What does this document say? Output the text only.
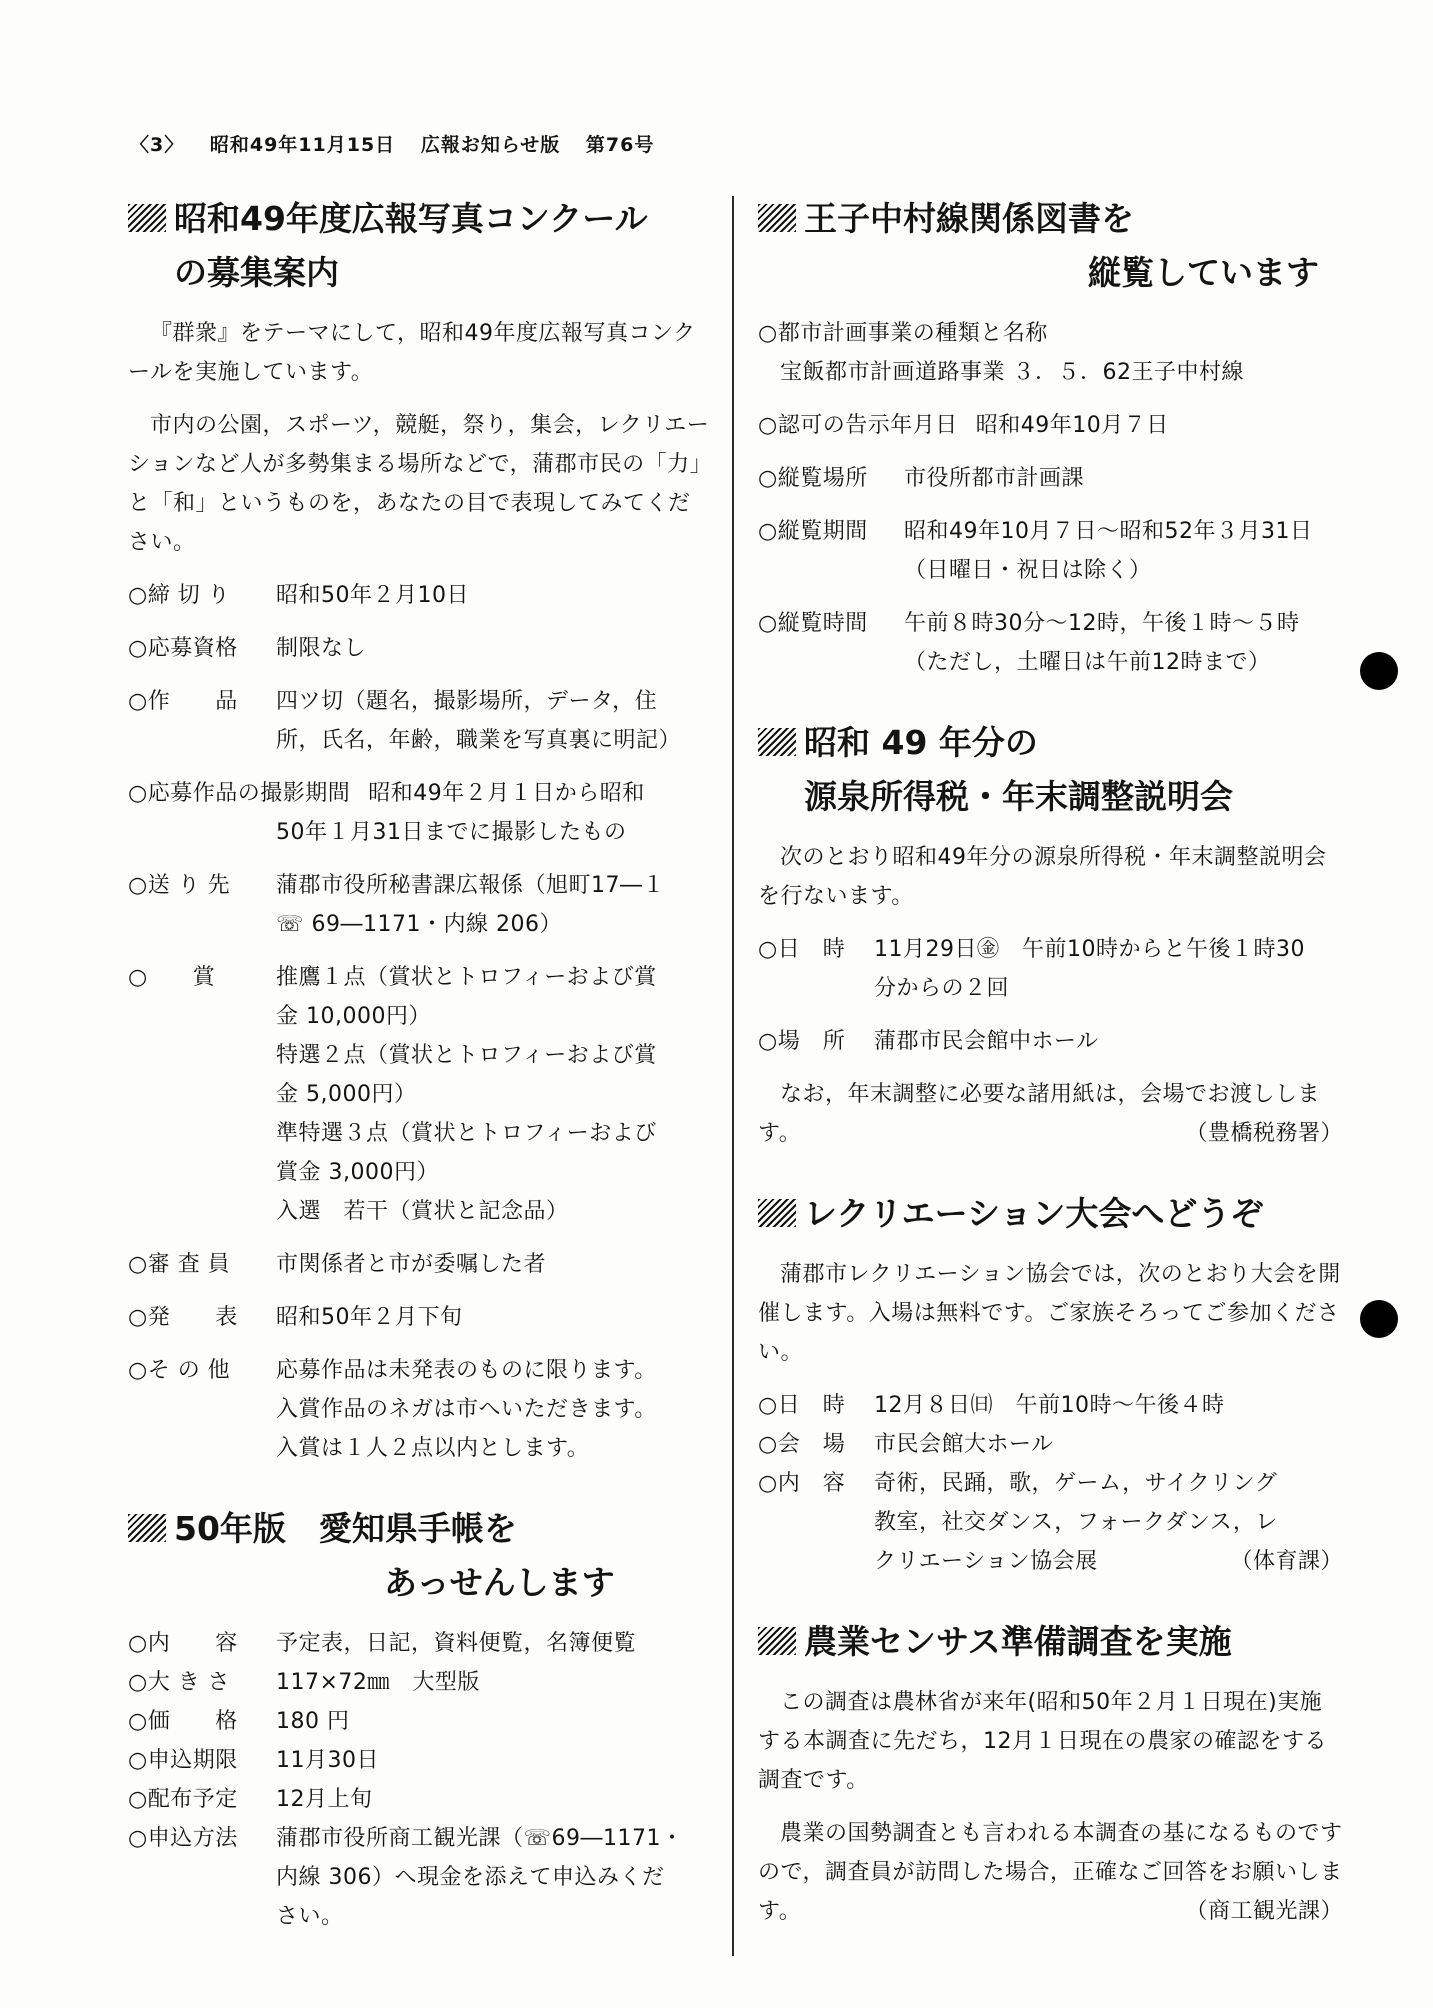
〈3〉 昭和49年11月15日 広報お知らせ版 第76号
昭和49年度広報写真コンクール
の募集案内

『群衆』をテーマにして，昭和49年度広報写真コンクールを実施しています。

市内の公園，スポーツ，競艇，祭り，集会，レクリエーションなど人が多勢集まる場所などで，蒲郡市民の「力」と「和」というものを，あなたの目で表現してみてください。

○締 切 り	昭和50年２月10日
○応募資格	制限なし
○作　　品	四ツ切（題名，撮影場所，データ，住
所，氏名，年齢，職業を写真裏に明記）
○応募作品の撮影期間 昭和49年２月１日から昭和
50年１月31日までに撮影したもの
○送 り 先	蒲郡市役所秘書課広報係（旭町17―１
☏ 69―1171・内線 206）
○　　賞	推鷹１点（賞状とトロフィーおよび賞
金 10,000円）
特選２点（賞状とトロフィーおよび賞
金 5,000円）
準特選３点（賞状とトロフィーおよび
賞金 3,000円）
入選　若干（賞状と記念品）
○審 査 員	市関係者と市が委嘱した者
○発　　表	昭和50年２月下旬
○そ の 他	応募作品は未発表のものに限ります。
入賞作品のネガは市へいただきます。
入賞は１人２点以内とします。
50年版　愛知県手帳を
あっせんします
○内　　容	予定表，日記，資料便覧，名簿便覧
○大 き さ	117×72㎜　大型版
○価　　格	180 円
○申込期限	11月30日
○配布予定	12月上旬
○申込方法	蒲郡市役所商工観光課（☏69―1171・
内線 306）へ現金を添えて申込みくだ
さい。
王子中村線関係図書を
縦覧しています
○都市計画事業の種類と名称
宝飯都市計画道路事業 ３．５．62王子中村線
○認可の告示年月日 昭和49年10月７日
○縦覧場所	市役所都市計画課
○縦覧期間	昭和49年10月７日～昭和52年３月31日
（日曜日・祝日は除く）
○縦覧時間	午前８時30分～12時，午後１時～５時
（ただし，土曜日は午前12時まで）
昭和 49 年分の
源泉所得税・年末調整説明会

次のとおり昭和49年分の源泉所得税・年末調整説明会を行ないます。

○日　時	11月29日㊎　午前10時からと午後１時30
分からの２回
○場　所	蒲郡市民会館中ホール

なお，年末調整に必要な諸用紙は，会場でお渡しします。	（豊橋税務署）

レクリエーション大会へどうぞ

蒲郡市レクリエーション協会では，次のとおり大会を開催します。入場は無料です。ご家族そろってご参加ください。

○日　時	12月８日㈰　午前10時～午後４時
○会　場	市民会館大ホール
○内　容	奇術，民踊，歌，ゲーム，サイクリング
教室，社交ダンス，フォークダンス，レ
クリエーション協会展	（体育課）
農業センサス準備調査を実施

この調査は農林省が来年(昭和50年２月１日現在)実施する本調査に先だち，12月１日現在の農家の確認をする調査です。

農業の国勢調査とも言われる本調査の基になるものですので，調査員が訪問した場合，正確なご回答をお願いします。	（商工観光課）
